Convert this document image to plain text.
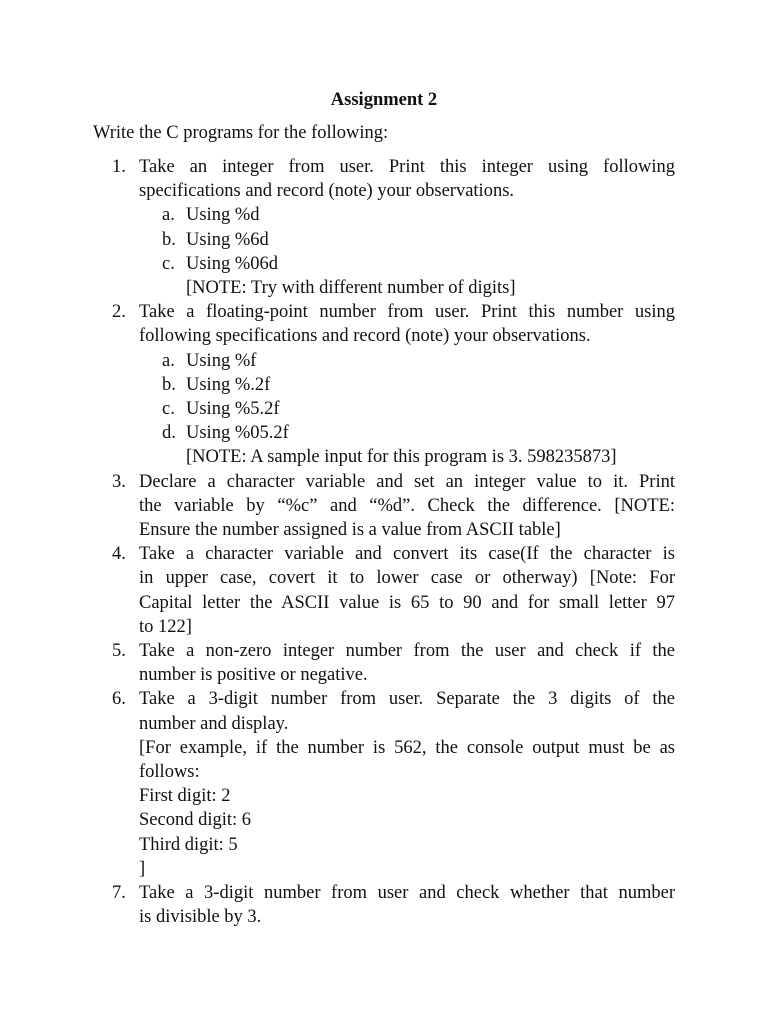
Assignment 2
Write the C programs for the following:
1. Take an integer from user. Print this integer using following
specifications and record (note) your observations.
a. Using %d
b. Using %6d
c. Using %06d
[NOTE: Try with different number of digits]
2. Take a floating-point number from user. Print this number using
following specifications and record (note) your observations.
a. Using %f
b. Using %.2f
c. Using %5.2f
d. Using %05.2f
[NOTE: A sample input for this program is 3. 598235873]
3. Declare a character variable and set an integer value to it. Print
the variable by “%c” and “%d”. Check the difference. [NOTE:
Ensure the number assigned is a value from ASCII table]
4. Take a character variable and convert its case(If the character is
in upper case, covert it to lower case or otherway) [Note: For
Capital letter the ASCII value is 65 to 90 and for small letter 97
to 122]
5. Take a non-zero integer number from the user and check if the
number is positive or negative.
6. Take a 3-digit number from user. Separate the 3 digits of the
number and display.
[For example, if the number is 562, the console output must be as
follows:
First digit: 2
Second digit: 6
Third digit: 5
]
7. Take a 3-digit number from user and check whether that number
is divisible by 3.
